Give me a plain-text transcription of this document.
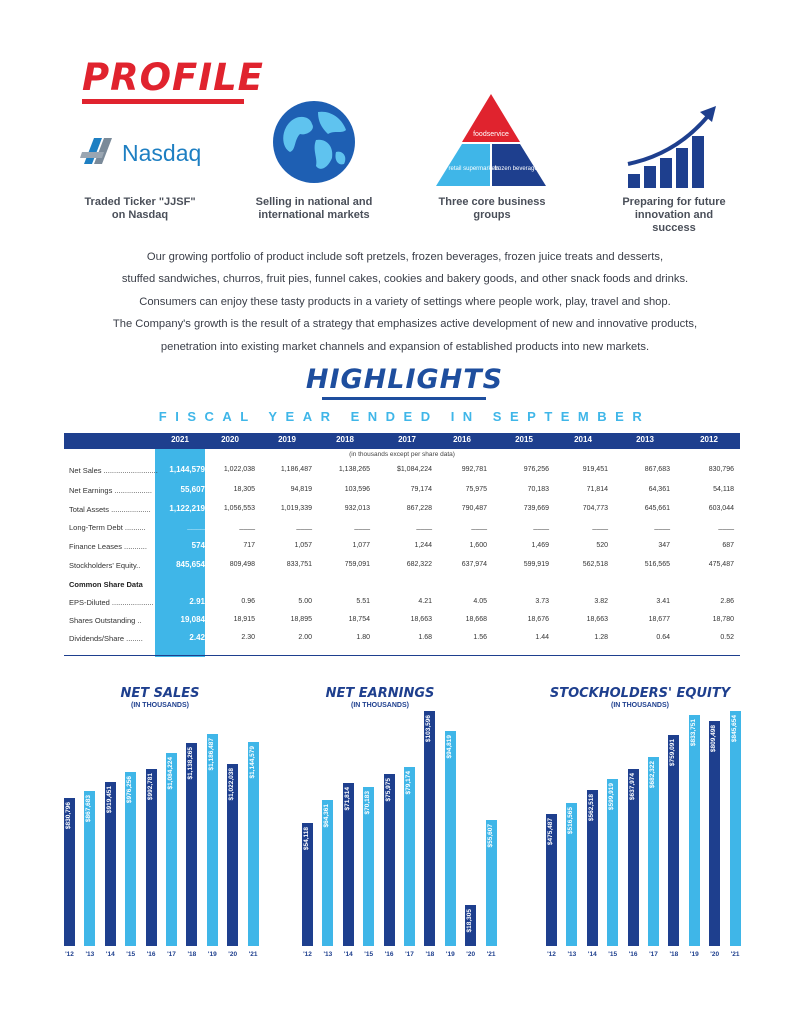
PROFILE
Nasdaq
Traded Ticker "JJSF" on Nasdaq
Selling in national and international markets
foodservice
retail supermarkets
frozen beverage
Three core business groups
Preparing for future innovation and success
Our growing portfolio of product include soft pretzels, frozen beverages, frozen juice treats and desserts,
stuffed sandwiches, churros, fruit pies, funnel cakes, cookies and bakery goods, and other snack foods and drinks.
Consumers can enjoy these tasty products in a variety of settings where people work, play, travel and shop.
The Company's growth is the result of a strategy that emphasizes active development of new and innovative products,
penetration into existing market channels and expansion of established products into new markets.
HIGHLIGHTS
FISCAL YEAR ENDED IN SEPTEMBER
2021	2020	2019	2018	2017	2016	2015	2014	2013	2012
(in thousands except per share data)
Net Sales ..........................	1,144,579	1,022,038	1,186,487	1,138,265	$1,084,224	992,781	976,256	919,451	867,683	830,796
Net Earnings ..................	55,607	18,305	94,819	103,596	79,174	75,975	70,183	71,814	64,361	54,118
Total Assets ...................	1,122,219	1,056,553	1,019,339	932,013	867,228	790,487	739,669	704,773	645,661	603,044
Long-Term Debt ..........	____	____	____	____	____	____	____	____	____	____
Finance Leases ...........	574	717	1,057	1,077	1,244	1,600	1,469	520	347	687
Stockholders' Equity..	845,654	809,498	833,751	759,091	682,322	637,974	599,919	562,518	516,565	475,487
Common Share Data
EPS-Diluted ....................	2.91	0.96	5.00	5.51	4.21	4.05	3.73	3.82	3.41	2.86
Shares Outstanding ..	19,084	18,915	18,895	18,754	18,663	18,668	18,676	18,663	18,677	18,780
Dividends/Share ........	2.42	2.30	2.00	1.80	1.68	1.56	1.44	1.28	0.64	0.52
NET SALES
(IN THOUSANDS)
NET EARNINGS
(IN THOUSANDS)
STOCKHOLDERS' EQUITY
(IN THOUSANDS)
$830,796
'12
$867,683
'13
$919,451
'14
$976,256
'15
$992,781
'16
$1,084,224
'17
$1,138,265
'18
$1,186,487
'19
$1,022,038
'20
$1,144,579
'21
$54,118
'12
$64,361
'13
$71,814
'14
$70,183
'15
$75,975
'16
$79,174
'17
$103,596
'18
$94,819
'19
$18,305
'20
$55,607
'21
$475,487
'12
$516,565
'13
$562,518
'14
$599,919
'15
$637,974
'16
$682,322
'17
$759,091
'18
$833,751
'19
$809,498
'20
$845,654
'21
